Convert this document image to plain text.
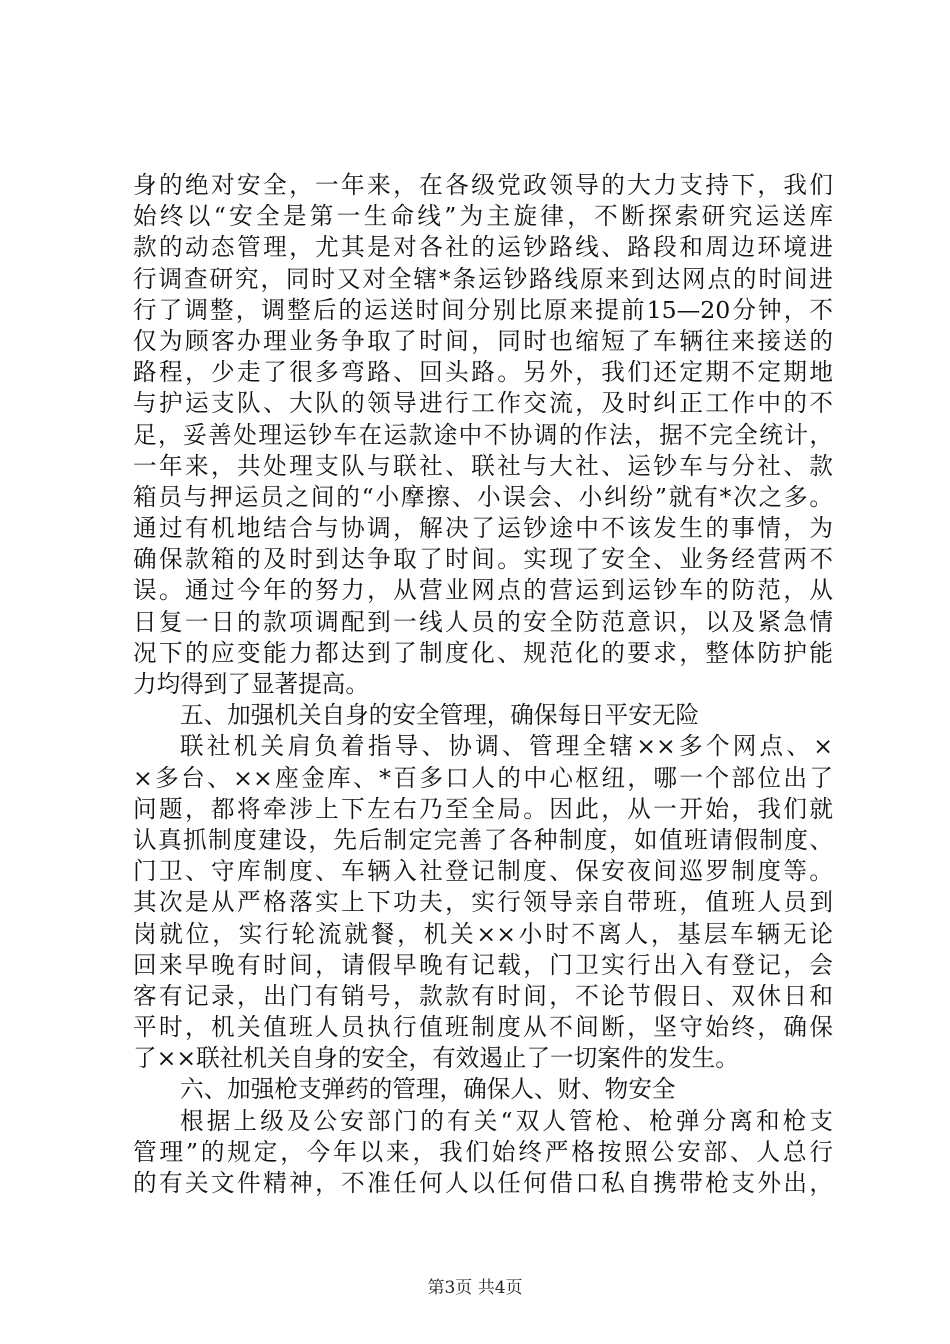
身的绝对安全，一年来，在各级党政领导的大力支持下，我们
始终以“安全是第一生命线”为主旋律，不断探索研究运送库
款的动态管理，尤其是对各社的运钞路线、路段和周边环境进
行调查研究，同时又对全辖*条运钞路线原来到达网点的时间进
行了调整，调整后的运送时间分别比原来提前15—20分钟，不
仅为顾客办理业务争取了时间，同时也缩短了车辆往来接送的
路程，少走了很多弯路、回头路。另外，我们还定期不定期地
与护运支队、大队的领导进行工作交流，及时纠正工作中的不
足，妥善处理运钞车在运款途中不协调的作法，据不完全统计，
一年来，共处理支队与联社、联社与大社、运钞车与分社、款
箱员与押运员之间的“小摩擦、小误会、小纠纷”就有*次之多。
通过有机地结合与协调，解决了运钞途中不该发生的事情，为
确保款箱的及时到达争取了时间。实现了安全、业务经营两不
误。通过今年的努力，从营业网点的营运到运钞车的防范，从
日复一日的款项调配到一线人员的安全防范意识，以及紧急情
况下的应变能力都达到了制度化、规范化的要求，整体防护能
力均得到了显著提高。
五、加强机关自身的安全管理，确保每日平安无险
联社机关肩负着指导、协调、管理全辖××多个网点、×
×多台、××座金库、*百多口人的中心枢纽，哪一个部位出了
问题，都将牵涉上下左右乃至全局。因此，从一开始，我们就
认真抓制度建设，先后制定完善了各种制度，如值班请假制度、
门卫、守库制度、车辆入社登记制度、保安夜间巡罗制度等。
其次是从严格落实上下功夫，实行领导亲自带班，值班人员到
岗就位，实行轮流就餐，机关××小时不离人，基层车辆无论
回来早晚有时间，请假早晚有记载，门卫实行出入有登记，会
客有记录，出门有销号，款款有时间，不论节假日、双休日和
平时，机关值班人员执行值班制度从不间断，坚守始终，确保
了××联社机关自身的安全，有效遏止了一切案件的发生。
六、加强枪支弹药的管理，确保人、财、物安全
根据上级及公安部门的有关“双人管枪、枪弹分离和枪支
管理”的规定，今年以来，我们始终严格按照公安部、人总行
的有关文件精神，不准任何人以任何借口私自携带枪支外出，
第3页 共4页
